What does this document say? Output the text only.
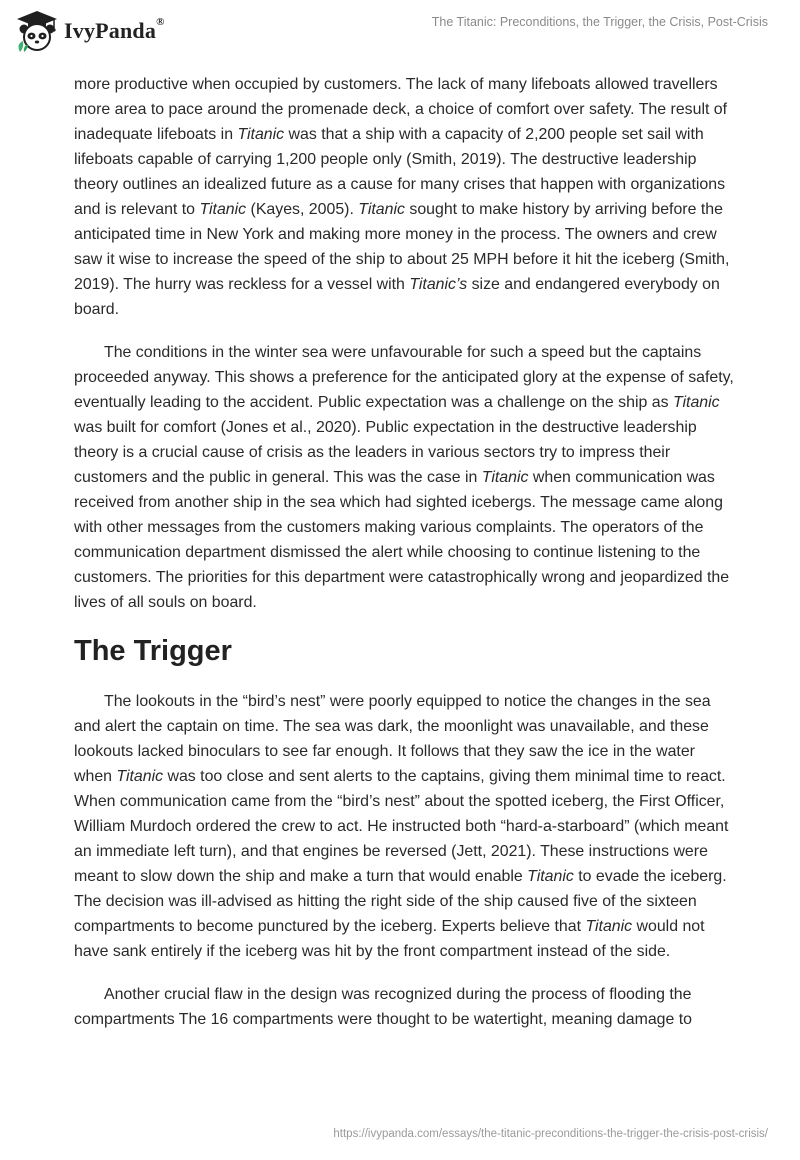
IvyPanda®	The Titanic: Preconditions, the Trigger, the Crisis, Post-Crisis

more productive when occupied by customers. The lack of many lifeboats allowed travellers more area to pace around the promenade deck, a choice of comfort over safety. The result of inadequate lifeboats in Titanic was that a ship with a capacity of 2,200 people set sail with lifeboats capable of carrying 1,200 people only (Smith, 2019). The destructive leadership theory outlines an idealized future as a cause for many crises that happen with organizations and is relevant to Titanic (Kayes, 2005). Titanic sought to make history by arriving before the anticipated time in New York and making more money in the process. The owners and crew saw it wise to increase the speed of the ship to about 25 MPH before it hit the iceberg (Smith, 2019). The hurry was reckless for a vessel with Titanic’s size and endangered everybody on board.

The conditions in the winter sea were unfavourable for such a speed but the captains proceeded anyway. This shows a preference for the anticipated glory at the expense of safety, eventually leading to the accident. Public expectation was a challenge on the ship as Titanic was built for comfort (Jones et al., 2020). Public expectation in the destructive leadership theory is a crucial cause of crisis as the leaders in various sectors try to impress their customers and the public in general. This was the case in Titanic when communication was received from another ship in the sea which had sighted icebergs. The message came along with other messages from the customers making various complaints. The operators of the communication department dismissed the alert while choosing to continue listening to the customers. The priorities for this department were catastrophically wrong and jeopardized the lives of all souls on board.

The Trigger

The lookouts in the “bird’s nest” were poorly equipped to notice the changes in the sea and alert the captain on time. The sea was dark, the moonlight was unavailable, and these lookouts lacked binoculars to see far enough. It follows that they saw the ice in the water when Titanic was too close and sent alerts to the captains, giving them minimal time to react. When communication came from the “bird’s nest” about the spotted iceberg, the First Officer, William Murdoch ordered the crew to act. He instructed both “hard-a-starboard” (which meant an immediate left turn), and that engines be reversed (Jett, 2021). These instructions were meant to slow down the ship and make a turn that would enable Titanic to evade the iceberg. The decision was ill-advised as hitting the right side of the ship caused five of the sixteen compartments to become punctured by the iceberg. Experts believe that Titanic would not have sank entirely if the iceberg was hit by the front compartment instead of the side.

Another crucial flaw in the design was recognized during the process of flooding the compartments The 16 compartments were thought to be watertight, meaning damage to

https://ivypanda.com/essays/the-titanic-preconditions-the-trigger-the-crisis-post-crisis/
